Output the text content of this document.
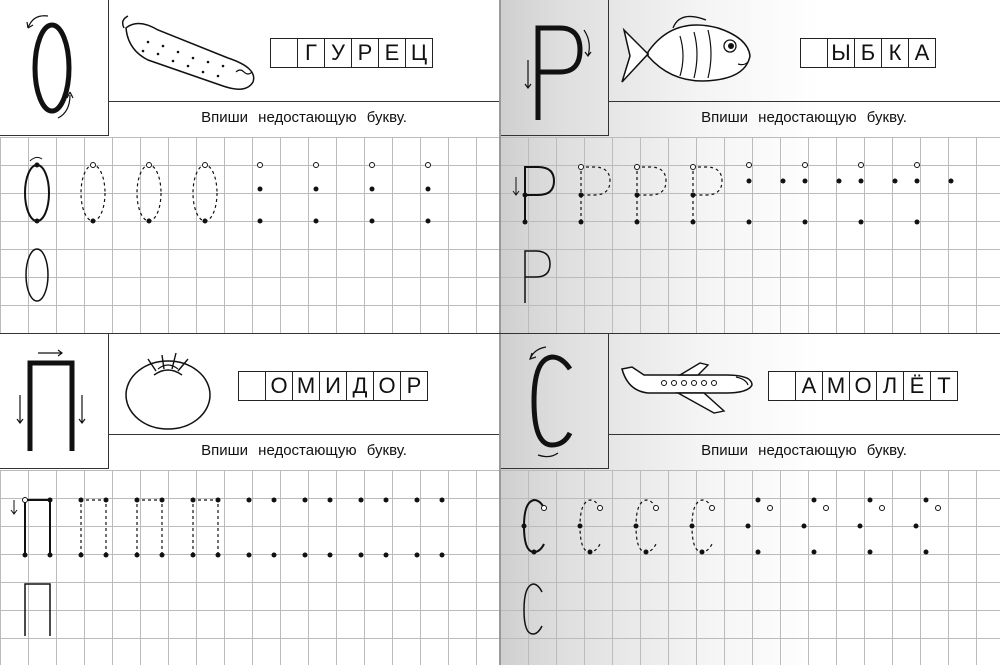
Г У Р Е Ц
Впиши недостающую букву.
О М И Д О Р
Впиши недостающую букву.
Ы Б К А
Впиши недостающую букву.
А М О Л Ё Т
Впиши недостающую букву.
